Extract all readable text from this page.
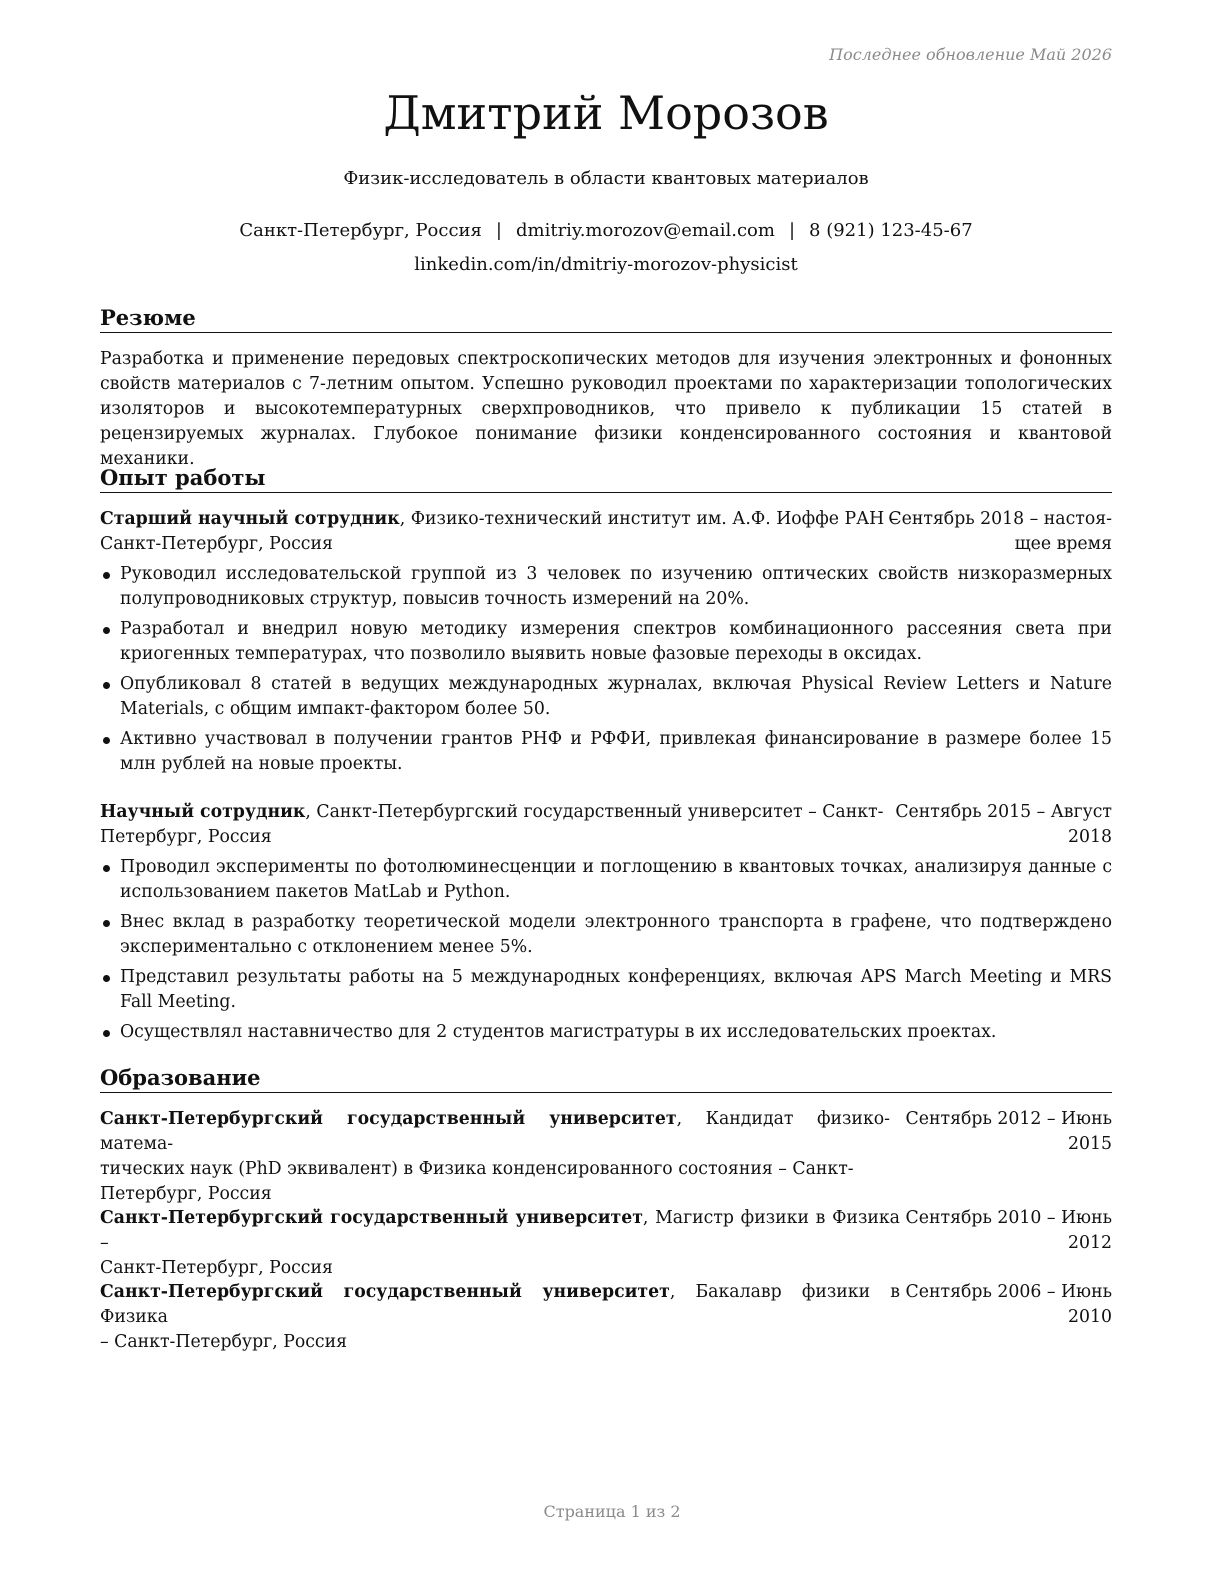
Последнее обновление Май 2026
Дмитрий Морозов
Физик-исследователь в области квантовых материалов
Санкт-Петербург, Россия | dmitriy.morozov@email.com | 8 (921) 123-45-67
linkedin.com/in/dmitriy-morozov-physicist
Резюме

Разработка и применение передовых спектроскопических методов для изучения электронных и фононных свойств материалов с 7-летним опытом. Успешно руководил проектами по характеризации топологических изоляторов и высокотемпературных сверхпроводников, что привело к публикации 15 статей в рецензируемых журналах. Глубокое понимание физики конденсированного состояния и квантовой механики.

Опыт работы
Старший научный сотрудник, Физико-технический институт им. А.Ф. Иоффе РАН –
Санкт-Петербург, Россия
Сентябрь 2018 – настоя-
щее время
Руководил исследовательской группой из 3 человек по изучению оптических свойств низкоразмерных полупроводниковых структур, повысив точность измерений на 20%.
Разработал и внедрил новую методику измерения спектров комбинационного рассеяния света при криогенных температурах, что позволило выявить новые фазовые переходы в оксидах.
Опубликовал 8 статей в ведущих международных журналах, включая Physical Review Letters и Nature Materials, с общим импакт-фактором более 50.
Активно участвовал в получении грантов РНФ и РФФИ, привлекая финансирование в размере более 15 млн рублей на новые проекты.
Научный сотрудник, Санкт-Петербургский государственный университет – Санкт-
Петербург, Россия
Сентябрь 2015 – Август
2018
Проводил эксперименты по фотолюминесценции и поглощению в квантовых точках, анализируя данные с использованием пакетов MatLab и Python.
Внес вклад в разработку теоретической модели электронного транспорта в графене, что подтверждено экспериментально с отклонением менее 5%.
Представил результаты работы на 5 международных конференциях, включая APS March Meeting и MRS Fall Meeting.
Осуществлял наставничество для 2 студентов магистратуры в их исследовательских проектах.
Образование
Санкт-Петербургский государственный университет, Кандидат физико-матема-
тических наук (PhD эквивалент) в Физика конденсированного состояния – Санкт-
Петербург, Россия
Сентябрь 2012 – Июнь
2015
Санкт-Петербургский государственный университет, Магистр физики в Физика –
Санкт-Петербург, Россия
Сентябрь 2010 – Июнь
2012
Санкт-Петербургский государственный университет, Бакалавр физики в Физика
– Санкт-Петербург, Россия
Сентябрь 2006 – Июнь
2010
Страница 1 из 2
